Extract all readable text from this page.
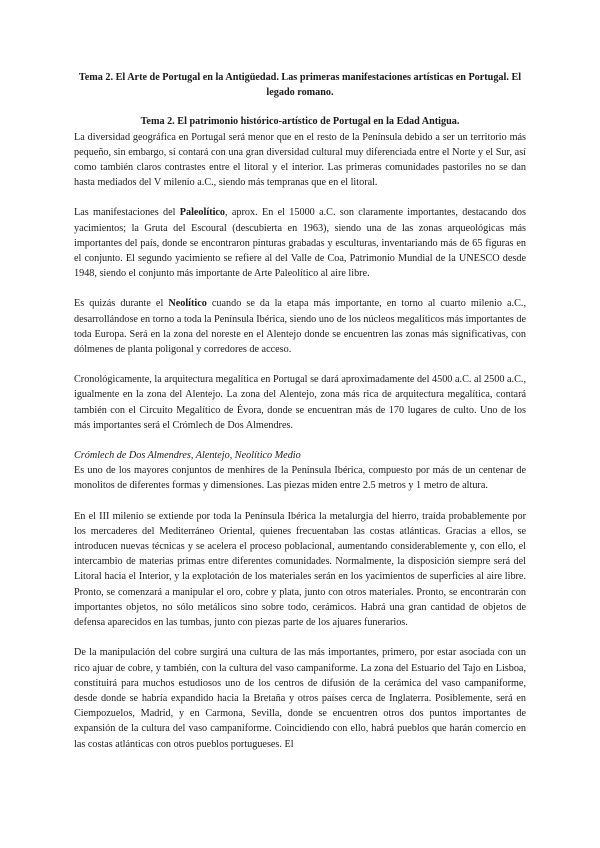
Tema 2. El Arte de Portugal en la Antigüedad. Las primeras manifestaciones artísticas en Portugal. El legado romano.

Tema 2. El patrimonio histórico-artístico de Portugal en la Edad Antigua.

La diversidad geográfica en Portugal será menor que en el resto de la Península debido a ser un territorio más pequeño, sin embargo, sí contará con una gran diversidad cultural muy diferenciada entre el Norte y el Sur, así como también claros contrastes entre el litoral y el interior. Las primeras comunidades pastoriles no se dan hasta mediados del V milenio a.C., siendo más tempranas que en el litoral.

Las manifestaciones del Paleolítico, aprox. En el 15000 a.C. son claramente importantes, destacando dos yacimientos; la Gruta del Escoural (descubierta en 1963), siendo una de las zonas arqueológicas más importantes del país, donde se encontraron pinturas grabadas y esculturas, inventariando más de 65 figuras en el conjunto. El segundo yacimiento se refiere al del Valle de Coa, Patrimonio Mundial de la UNESCO desde 1948, siendo el conjunto más importante de Arte Paleolítico al aire libre.

Es quizás durante el Neolítico cuando se da la etapa más importante, en torno al cuarto milenio a.C., desarrollándose en torno a toda la Península Ibérica, siendo uno de los núcleos megalíticos más importantes de toda Europa. Será en la zona del noreste en el Alentejo donde se encuentren las zonas más significativas, con dólmenes de planta poligonal y corredores de acceso.

Cronológicamente, la arquitectura megalítica en Portugal se dará aproximadamente del 4500 a.C. al 2500 a.C., igualmente en la zona del Alentejo. La zona del Alentejo, zona más rica de arquitectura megalítica, contará también con el Circuito Megalítico de Évora, donde se encuentran más de 170 lugares de culto. Uno de los más importantes será el Crómlech de Dos Almendres.

Crómlech de Dos Almendres, Alentejo, Neolítico Medio

Es uno de los mayores conjuntos de menhires de la Península Ibérica, compuesto por más de un centenar de monolitos de diferentes formas y dimensiones. Las piezas miden entre 2.5 metros y 1 metro de altura.

En el III milenio se extiende por toda la Península Ibérica la metalurgia del hierro, traída probablemente por los mercaderes del Mediterráneo Oriental, quienes frecuentaban las costas atlánticas. Gracias a ellos, se introducen nuevas técnicas y se acelera el proceso poblacional, aumentando considerablemente y, con ello, el intercambio de materias primas entre diferentes comunidades. Normalmente, la disposición siempre será del Litoral hacia el Interior, y la explotación de los materiales serán en los yacimientos de superficies al aire libre. Pronto, se comenzará a manipular el oro, cobre y plata, junto con otros materiales. Pronto, se encontrarán con importantes objetos, no sólo metálicos sino sobre todo, cerámicos. Habrá una gran cantidad de objetos de defensa aparecidos en las tumbas, junto con piezas parte de los ajuares funerarios.

De la manipulación del cobre surgirá una cultura de las más importantes, primero, por estar asociada con un rico ajuar de cobre, y también, con la cultura del vaso campaniforme. La zona del Estuario del Tajo en Lisboa, constituirá para muchos estudiosos uno de los centros de difusión de la cerámica del vaso campaniforme, desde donde se habría expandido hacia la Bretaña y otros países cerca de Inglaterra. Posiblemente, será en Ciempozuelos, Madrid, y en Carmona, Sevilla, donde se encuentren otros dos puntos importantes de expansión de la cultura del vaso campaniforme. Coincidiendo con ello, habrá pueblos que harán comercio en las costas atlánticas con otros pueblos portugueses. El
